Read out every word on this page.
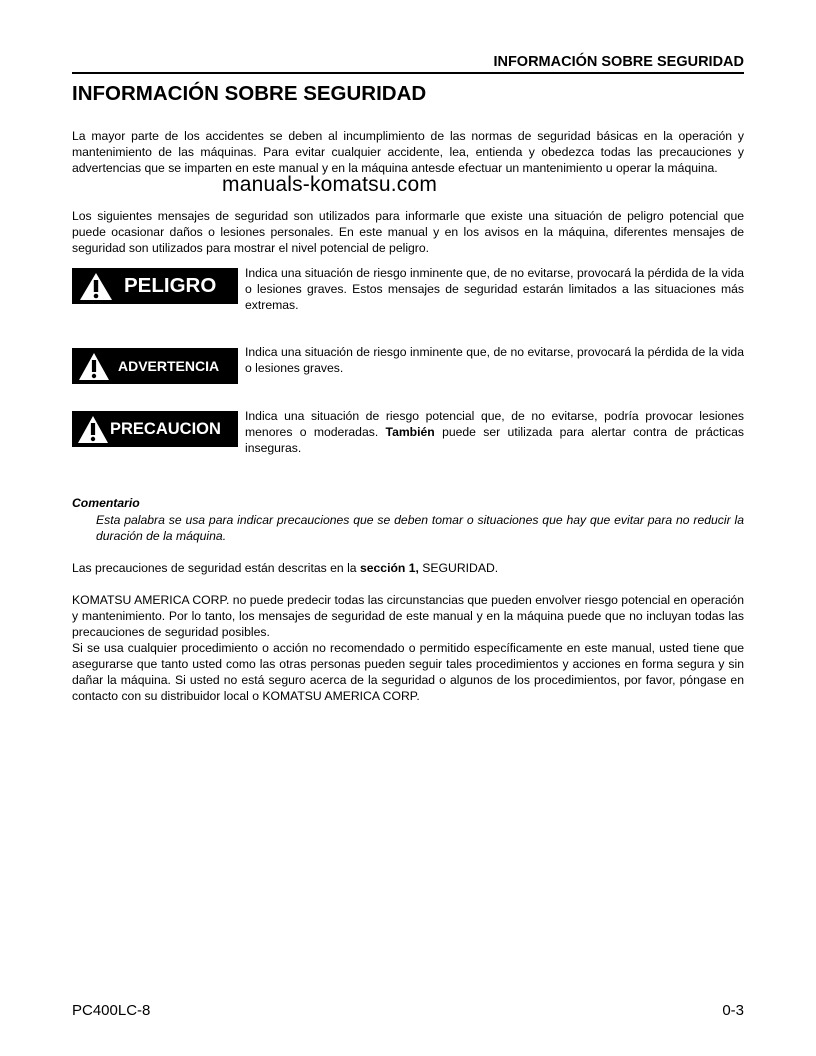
INFORMACIÓN SOBRE SEGURIDAD
INFORMACIÓN SOBRE SEGURIDAD
La mayor parte de los accidentes se deben al incumplimiento de las normas de seguridad básicas en la operación y mantenimiento de las máquinas. Para evitar cualquier accidente, lea, entienda y obedezca todas las precauciones y advertencias que se imparten en este manual y en la máquina antesde efectuar un mantenimiento u operar la máquina.
manuals-komatsu.com
Los siguientes mensajes de seguridad son utilizados para informarle que existe una situación de peligro potencial que puede ocasionar daños o lesiones personales. En este manual y en los avisos en la máquina, diferentes mensajes de seguridad son utilizados para mostrar el nivel potencial de peligro.
PELIGRO
Indica una situación de riesgo inminente que, de no evitarse, provocará la pérdida de la vida o lesiones graves. Estos mensajes de seguridad estarán limitados a las situaciones más extremas.
ADVERTENCIA
Indica una situación de riesgo inminente que, de no evitarse, provocará la pérdida de la vida o lesiones graves.
PRECAUCION
Indica una situación de riesgo potencial que, de no evitarse, podría provocar lesiones menores o moderadas. También puede ser utilizada para alertar contra de prácticas inseguras.
Comentario
Esta palabra se usa para indicar precauciones que se deben tomar o situaciones que hay que evitar para no reducir la duración de la máquina.
Las precauciones de seguridad están descritas en la sección 1, SEGURIDAD.
KOMATSU AMERICA CORP. no puede predecir todas las circunstancias que pueden envolver riesgo potencial en operación y mantenimiento. Por lo tanto, los mensajes de seguridad de este manual y en la máquina puede que no incluyan todas las precauciones de seguridad posibles.
Si se usa cualquier procedimiento o acción no recomendado o permitido específicamente en este manual, usted tiene que asegurarse que tanto usted como las otras personas pueden seguir tales procedimientos y acciones en forma segura y sin dañar la máquina. Si usted no está seguro acerca de la seguridad o algunos de los procedimientos, por favor, póngase en contacto con su distribuidor local o KOMATSU AMERICA CORP.
PC400LC-8	0-3
